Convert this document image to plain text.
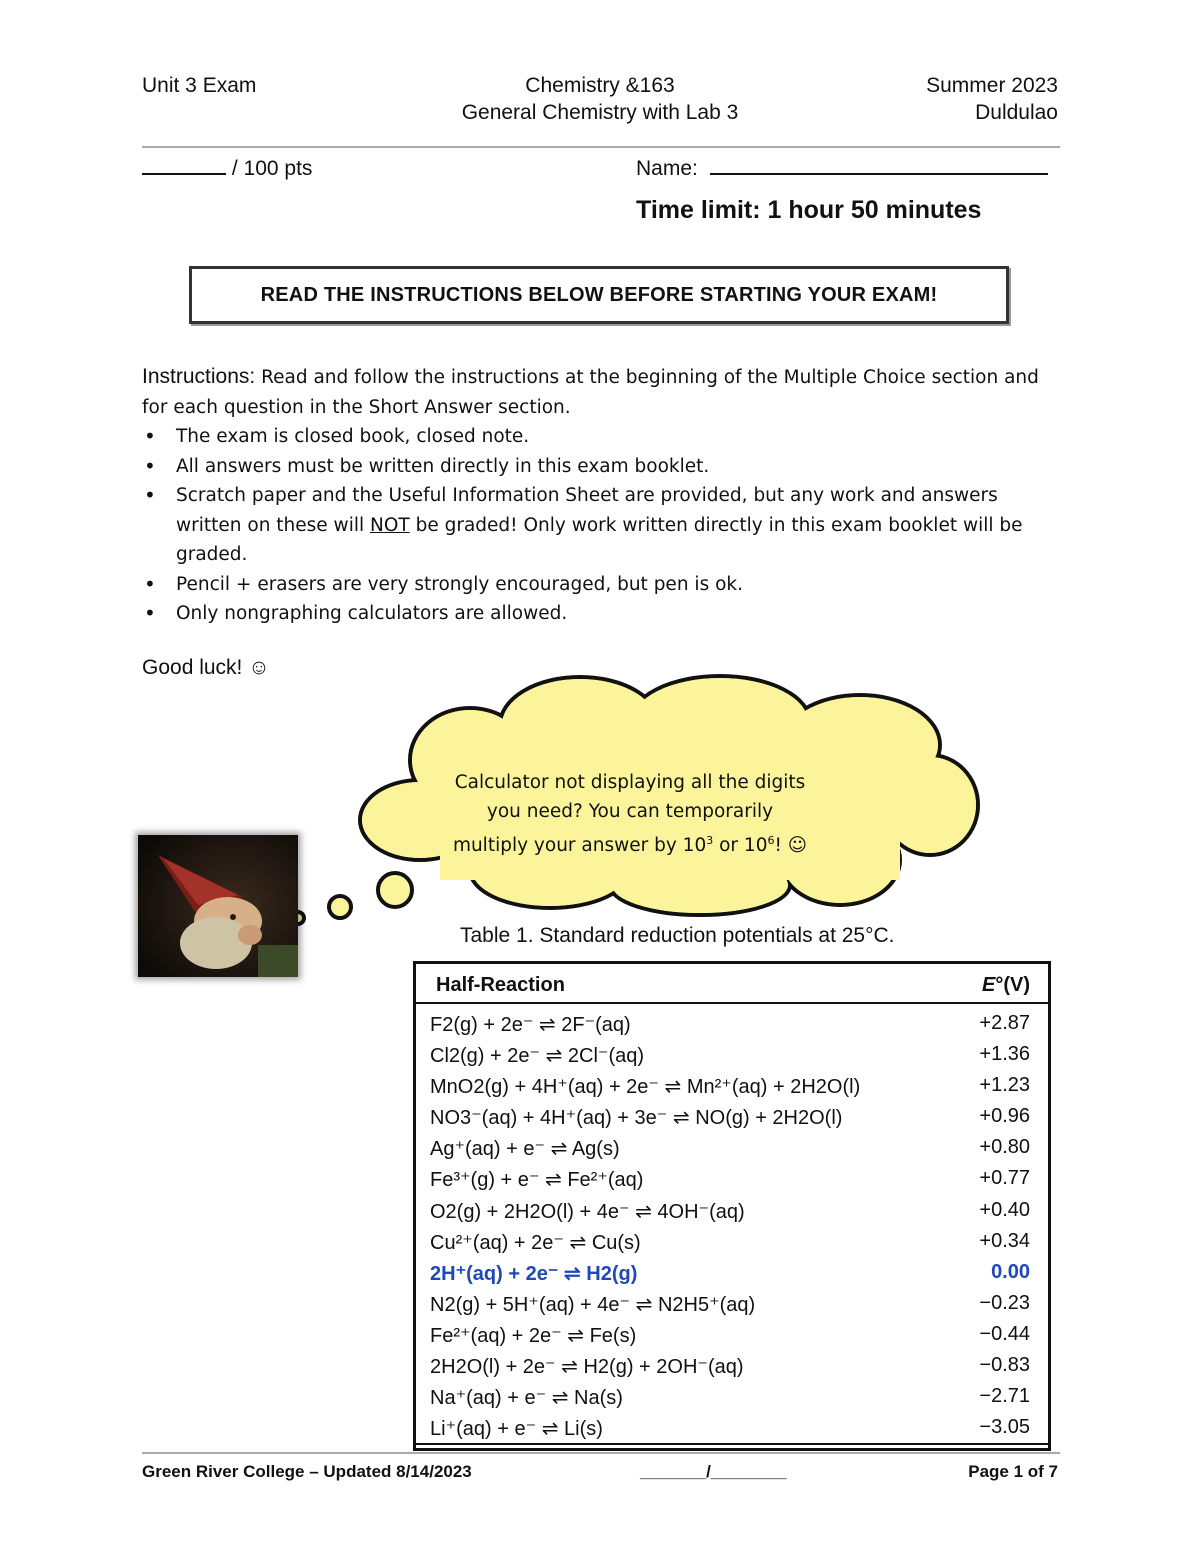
Unit 3 Exam	Chemistry &163
General Chemistry with Lab 3
Summer 2023
Duldulao
/ 100 pts	Name:
Time limit: 1 hour 50 minutes
READ THE INSTRUCTIONS BELOW BEFORE STARTING YOUR EXAM!
Instructions: Read and follow the instructions at the beginning of the Multiple Choice section and for each question in the Short Answer section.
• The exam is closed book, closed note.
• All answers must be written directly in this exam booklet.
• Scratch paper and the Useful Information Sheet are provided, but any work and answers written on these will NOT be graded! Only work written directly in this exam booklet will be graded.
• Pencil + erasers are very strongly encouraged, but pen is ok.
• Only nongraphing calculators are allowed.
Good luck! ☺
Calculator not displaying all the digits
you need? You can temporarily
multiply your answer by $10^3$ or $10^6$! ☺
Table 1. Standard reduction potentials at 25°C.
Half-Reaction	E°(V)
F2(g) + 2e⁻ ⇌ 2F⁻(aq)	+2.87
Cl2(g) + 2e⁻ ⇌ 2Cl⁻(aq)	+1.36
MnO2(g) + 4H⁺(aq) + 2e⁻ ⇌ Mn²⁺(aq) + 2H2O(l)	+1.23
NO3⁻(aq) + 4H⁺(aq) + 3e⁻ ⇌ NO(g) + 2H2O(l)	+0.96
Ag⁺(aq) + e⁻ ⇌ Ag(s)	+0.80
Fe³⁺(g) + e⁻ ⇌ Fe²⁺(aq)	+0.77
O2(g) + 2H2O(l) + 4e⁻ ⇌ 4OH⁻(aq)	+0.40
Cu²⁺(aq) + 2e⁻ ⇌ Cu(s)	+0.34
2H⁺(aq) + 2e⁻ ⇌ H2(g)	0.00
N2(g) + 5H⁺(aq) + 4e⁻ ⇌ N2H5⁺(aq)	−0.23
Fe²⁺(aq) + 2e⁻ ⇌ Fe(s)	−0.44
2H2O(l) + 2e⁻ ⇌ H2(g) + 2OH⁻(aq)	−0.83
Na⁺(aq) + e⁻ ⇌ Na(s)	−2.71
Li⁺(aq) + e⁻ ⇌ Li(s)	−3.05
Green River College – Updated 8/14/2023	_______/________	Page 1 of 7
